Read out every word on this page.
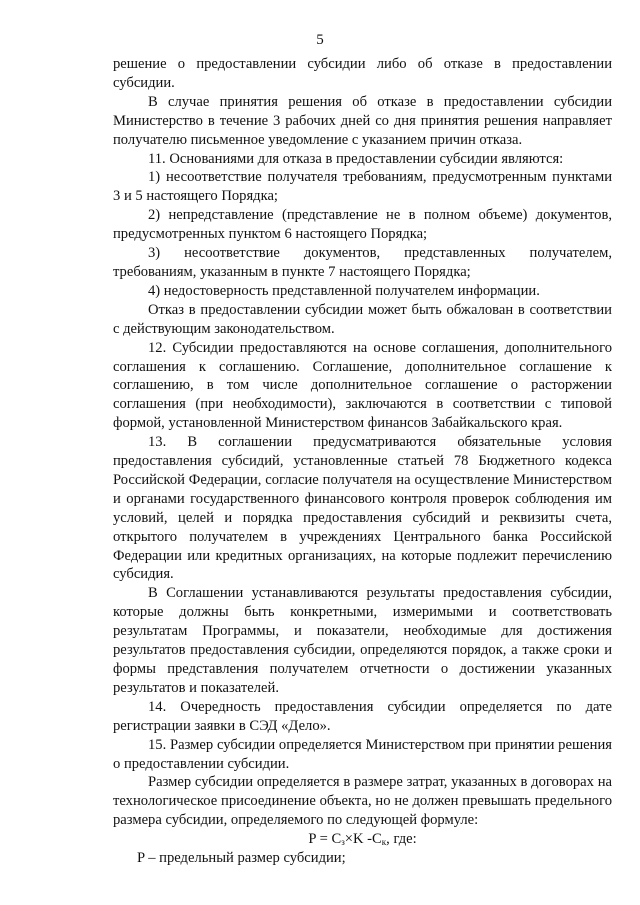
5

решение о предоставлении субсидии либо об отказе в предоставлении субсидии.

В случае принятия решения об отказе в предоставлении субсидии Министерство в течение 3 рабочих дней со дня принятия решения направляет получателю письменное уведомление с указанием причин отказа.

11. Основаниями для отказа в предоставлении субсидии являются:

1) несоответствие получателя требованиям, предусмотренным пунктами 3 и 5 настоящего Порядка;

2) непредставление (представление не в полном объеме) документов, предусмотренных пунктом 6 настоящего Порядка;

3) несоответствие документов, представленных получателем, требованиям, указанным в пункте 7 настоящего Порядка;

4) недостоверность представленной получателем информации.

Отказ в предоставлении субсидии может быть обжалован в соответствии с действующим законодательством.

12. Субсидии предоставляются на основе соглашения, дополнительного соглашения к соглашению. Соглашение, дополнительное соглашение к соглашению, в том числе дополнительное соглашение о расторжении соглашения (при необходимости), заключаются в соответствии с типовой формой, установленной Министерством финансов Забайкальского края.

13. В соглашении предусматриваются обязательные условия предоставления субсидий, установленные статьей 78 Бюджетного кодекса Российской Федерации, согласие получателя на осуществление Министерством и органами государственного финансового контроля проверок соблюдения им условий, целей и порядка предоставления субсидий и реквизиты счета, открытого получателем в учреждениях Центрального банка Российской Федерации или кредитных организациях, на которые подлежит перечислению субсидия.

В Соглашении устанавливаются результаты предоставления субсидии, которые должны быть конкретными, измеримыми и соответствовать результатам Программы, и показатели, необходимые для достижения результатов предоставления субсидии, определяются порядок, а также сроки и формы представления получателем отчетности о достижении указанных результатов и показателей.

14. Очередность предоставления субсидии определяется по дате регистрации заявки в СЭД «Дело».

15. Размер субсидии определяется Министерством при принятии решения о предоставлении субсидии.

Размер субсидии определяется в размере затрат, указанных в договорах на технологическое присоединение объекта, но не должен превышать предельного размера субсидии, определяемого по следующей формуле:

$P = C_з\times K$ $-C_к$, где:

P – предельный размер субсидии;
